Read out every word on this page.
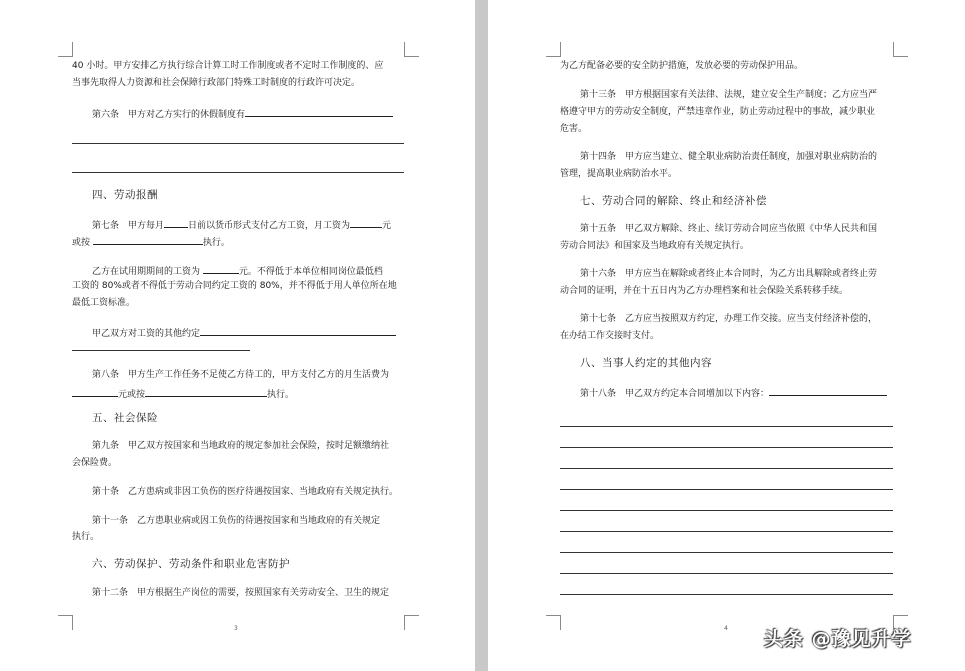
40 小时。甲方安排乙方执行综合计算工时工作制度或者不定时工作制度的、应
当事先取得人力资源和社会保障行政部门特殊工时制度的行政许可决定。
第六条　甲方对乙方实行的休假制度有
四、劳动报酬
第七条　甲方每月	日前以货币形式支付乙方工资，月工资为	元
或按	执行。
乙方在试用期期间的工资为	元。不得低于本单位相同岗位最低档
工资的 80%或者不得低于劳动合同约定工资的 80%，并不得低于用人单位所在地
最低工资标准。
甲乙双方对工资的其他约定
第八条　甲方生产工作任务不足使乙方待工的，甲方支付乙方的月生活费为
元或按	执行。
五、社会保险
第九条　甲乙双方按国家和当地政府的规定参加社会保险，按时足额缴纳社
会保险费。
第十条　乙方患病或非因工负伤的医疗待遇按国家、当地政府有关规定执行。
第十一条　乙方患职业病或因工负伤的待遇按国家和当地政府的有关规定
执行。
六、劳动保护、劳动条件和职业危害防护
第十二条　甲方根据生产岗位的需要，按照国家有关劳动安全、卫生的规定
3
为乙方配备必要的安全防护措施，发放必要的劳动保护用品。
第十三条　甲方根据国家有关法律、法规，建立安全生产制度；乙方应当严
格遵守甲方的劳动安全制度，严禁违章作业，防止劳动过程中的事故，减少职业
危害。
第十四条　甲方应当建立、健全职业病防治责任制度，加强对职业病防治的
管理，提高职业病防治水平。
七、劳动合同的解除、终止和经济补偿
第十五条　甲乙双方解除、终止、续订劳动合同应当依照《中华人民共和国
劳动合同法》和国家及当地政府有关规定执行。
第十六条　甲方应当在解除或者终止本合同时，为乙方出具解除或者终止劳
动合同的证明，并在十五日内为乙方办理档案和社会保险关系转移手续。
第十七条　乙方应当按照双方约定，办理工作交接。应当支付经济补偿的，
在办结工作交接时支付。
八、当事人约定的其他内容
第十八条　甲乙双方约定本合同增加以下内容：
4 头条 @豫见升学
